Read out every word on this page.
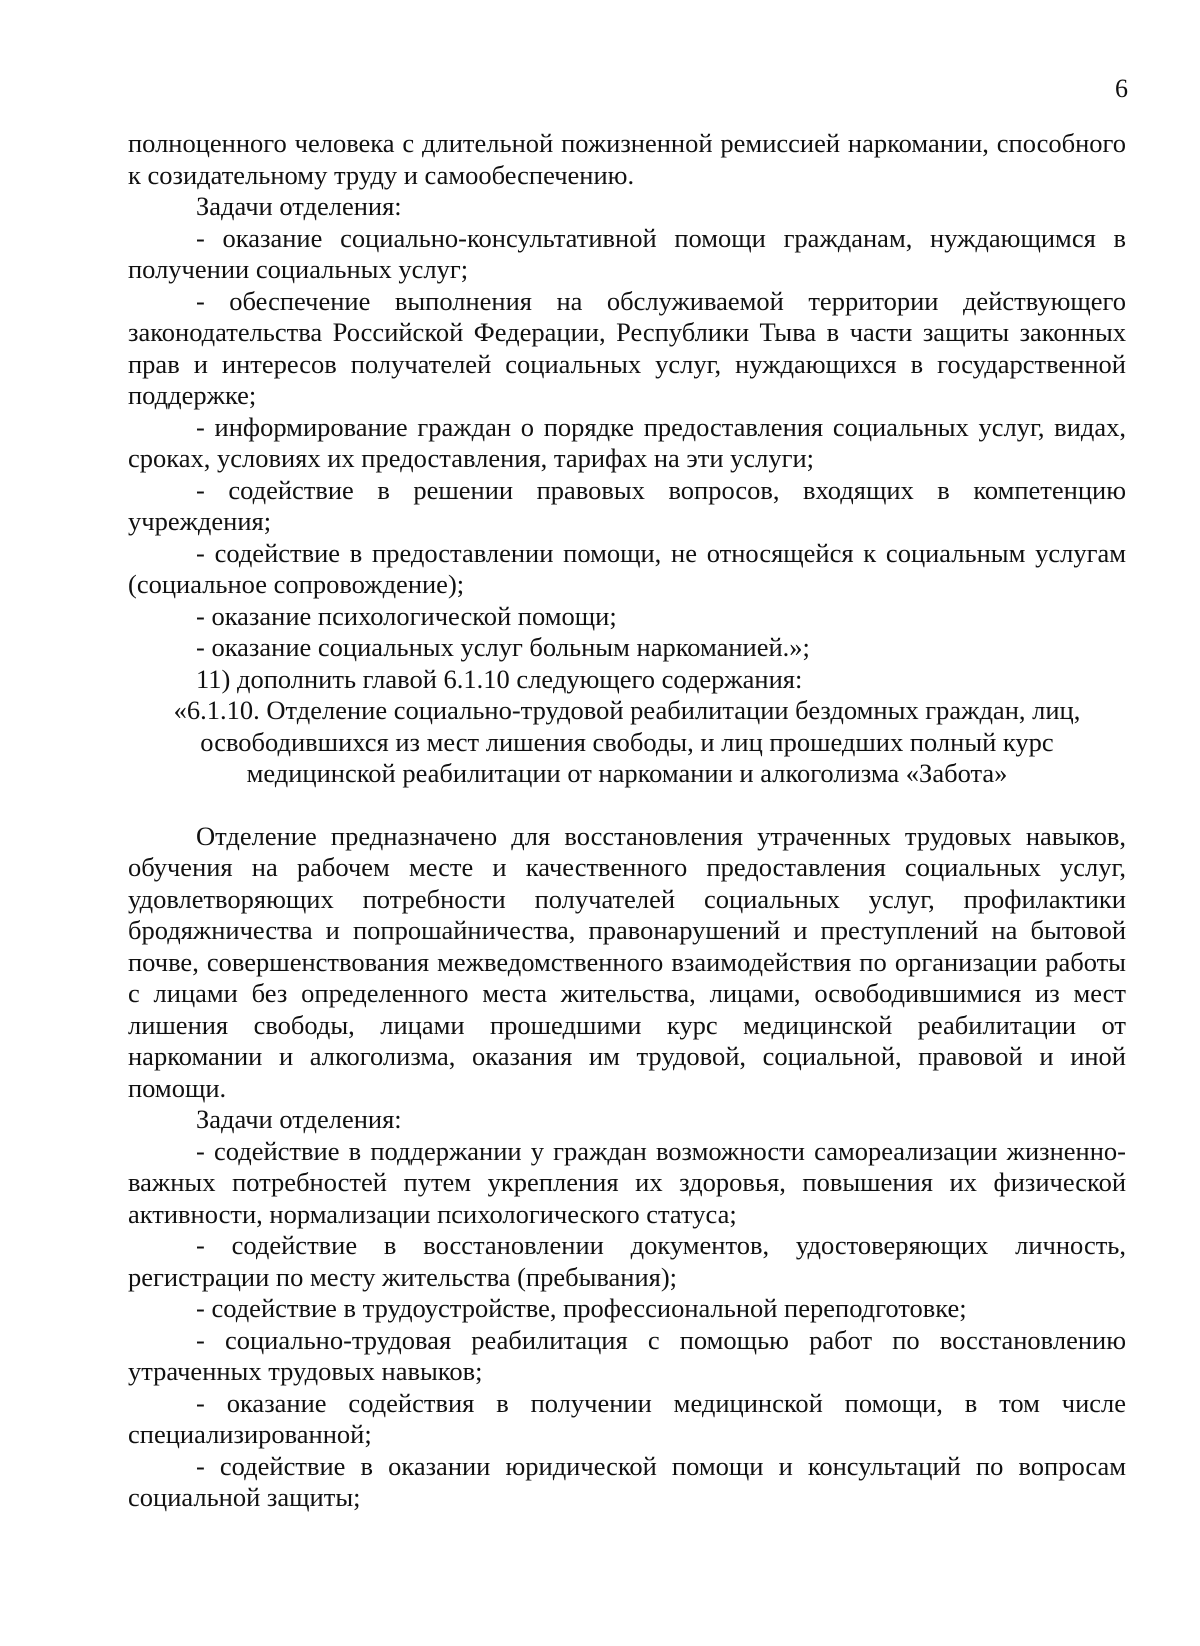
6

полноценного человека с длительной пожизненной ремиссией наркомании, способного к созидательному труду и самообеспечению.

Задачи отделения:

- оказание социально-консультативной помощи гражданам, нуждающимся в получении социальных услуг;

- обеспечение выполнения на обслуживаемой территории действующего законодательства Российской Федерации, Республики Тыва в части защиты законных прав и интересов получателей социальных услуг, нуждающихся в государственной поддержке;

- информирование граждан о порядке предоставления социальных услуг, видах, сроках, условиях их предоставления, тарифах на эти услуги;

- содействие в решении правовых вопросов, входящих в компетенцию учреждения;

- содействие в предоставлении помощи, не относящейся к социальным услугам (социальное сопровождение);

- оказание психологической помощи;

- оказание социальных услуг больным наркоманией.»;

11) дополнить главой 6.1.10 следующего содержания:

«6.1.10. Отделение социально-трудовой реабилитации бездомных граждан, лиц, освободившихся из мест лишения свободы, и лиц прошедших полный курс медицинской реабилитации от наркомании и алкоголизма «Забота»

Отделение предназначено для восстановления утраченных трудовых навыков, обучения на рабочем месте и качественного предоставления социальных услуг, удовлетворяющих потребности получателей социальных услуг, профилактики бродяжничества и попрошайничества, правонарушений и преступлений на бытовой почве, совершенствования межведомственного взаимодействия по организации работы с лицами без определенного места жительства, лицами, освободившимися из мест лишения свободы, лицами прошедшими курс медицинской реабилитации от наркомании и алкоголизма, оказания им трудовой, социальной, правовой и иной помощи.

Задачи отделения:

- содействие в поддержании у граждан возможности самореализации жизненно-важных потребностей путем укрепления их здоровья, повышения их физической активности, нормализации психологического статуса;

- содействие в восстановлении документов, удостоверяющих личность, регистрации по месту жительства (пребывания);

- содействие в трудоустройстве, профессиональной переподготовке;

- социально-трудовая реабилитация с помощью работ по восстановлению утраченных трудовых навыков;

- оказание содействия в получении медицинской помощи, в том числе специализированной;

- содействие в оказании юридической помощи и консультаций по вопросам социальной защиты;
